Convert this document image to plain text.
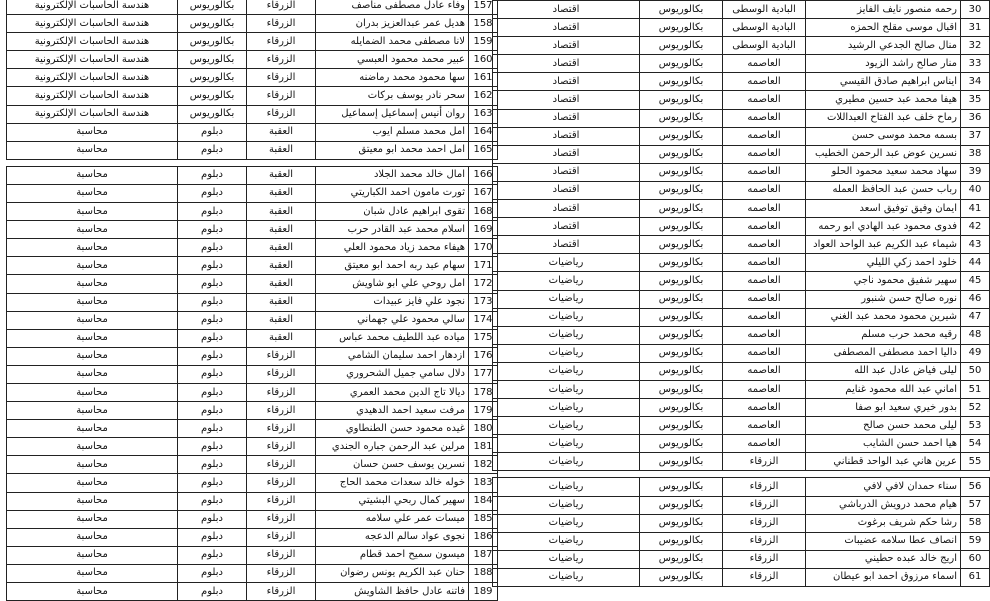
157	وفاء عادل مصطفى مناصف	الزرقاء	بكالوريوس	هندسة الحاسبات الإلكترونية
158	هديل عمر عبدالعزيز بدران	الزرقاء	بكالوريوس	هندسة الحاسبات الإلكترونية
159	لانا مصطفى محمد الضمايله	الزرقاء	بكالوريوس	هندسة الحاسبات الإلكترونية
160	عبير محمد محمود العبسي	الزرقاء	بكالوريوس	هندسة الحاسبات الإلكترونية
161	سها محمود محمد رماضنه	الزرقاء	بكالوريوس	هندسة الحاسبات الإلكترونية
162	سحر نادر يوسف بركات	الزرقاء	بكالوريوس	هندسة الحاسبات الإلكترونية
163	روان أنيس إسماعيل إسماعيل	الزرقاء	بكالوريوس	هندسة الحاسبات الإلكترونية
164	امل محمد مسلم ايوب	العقبة	دبلوم	محاسبة
165	امل احمد محمد ابو معيتق	العقبة	دبلوم	محاسبة

166	امال خالد محمد الجلاد	العقبة	دبلوم	محاسبة
167	ثورت مامون احمد الكباريتي	العقبة	دبلوم	محاسبة
168	تقوى ابراهيم عادل شبان	العقبة	دبلوم	محاسبة
169	اسلام محمد عبد القادر حرب	العقبة	دبلوم	محاسبة
170	هيفاء محمد زياد محمود العلي	العقبة	دبلوم	محاسبة
171	سهام عبد ربه احمد ابو معيتق	العقبة	دبلوم	محاسبة
172	امل روحي علي ابو شاويش	العقبة	دبلوم	محاسبة
173	نجود علي فايز عبيدات	العقبة	دبلوم	محاسبة
174	سالي محمود علي جهماني	العقبة	دبلوم	محاسبة
175	مياده عبد اللطيف محمد عباس	العقبة	دبلوم	محاسبة
176	ازدهار احمد سليمان الشامي	الزرقاء	دبلوم	محاسبة
177	دلال سامي جميل الشحروري	الزرقاء	دبلوم	محاسبة
178	ديالا تاج الدين محمد العمري	الزرقاء	دبلوم	محاسبة
179	مرفت سعيد احمد الدهيدي	الزرقاء	دبلوم	محاسبة
180	غيده محمود حسن الطنطاوي	الزرقاء	دبلوم	محاسبة
181	مرلين عبد الرحمن جباره الجندي	الزرقاء	دبلوم	محاسبة
182	نسرين يوسف حسن حسان	الزرقاء	دبلوم	محاسبة
183	خوله خالد سعدات محمد الحاج	الزرقاء	دبلوم	محاسبة
184	سهير كمال ربحي البشيتي	الزرقاء	دبلوم	محاسبة
185	ميسات عمر علي سلامه	الزرقاء	دبلوم	محاسبة
186	نجوى عواد سالم الدعجه	الزرقاء	دبلوم	محاسبة
187	ميسون سميح احمد قطام	الزرقاء	دبلوم	محاسبة
188	حنان عبد الكريم يونس رضوان	الزرقاء	دبلوم	محاسبة
189	فاتنه عادل حافظ الشاويش	الزرقاء	دبلوم	محاسبة
30	رحمه منصور نايف الفايز	البادية الوسطى	بكالوريوس	اقتصاد
31	اقبال موسى مقلح الحمزه	البادية الوسطى	بكالوريوس	اقتصاد
32	منال صالح الجدعي الرشيد	البادية الوسطى	بكالوريوس	اقتصاد
33	منار صالح راشد الزيود	العاصمه	بكالوريوس	اقتصاد
34	ايناس ابراهيم صادق القيسي	العاصمه	بكالوريوس	اقتصاد
35	هيفا محمد عبد حسين مطيري	العاصمه	بكالوريوس	اقتصاد
36	رماح خلف عبد الفتاح العبداللات	العاصمه	بكالوريوس	اقتصاد
37	بسمه محمد موسى حسن	العاصمه	بكالوريوس	اقتصاد
38	نسرين عوض عبد الرحمن الخطيب	العاصمه	بكالوريوس	اقتصاد
39	سهاد محمد سعيد محمود الحلو	العاصمه	بكالوريوس	اقتصاد
40	رباب حسن عبد الحافظ العمله	العاصمه	بكالوريوس	اقتصاد
41	ايمان وفيق توفيق اسعد	العاصمه	بكالوريوس	اقتصاد
42	فدوى محمود عبد الهادي ابو رحمه	العاصمه	بكالوريوس	اقتصاد
43	شيماء عبد الكريم عبد الواحد العواد	العاصمه	بكالوريوس	اقتصاد
44	خلود احمد زكي الليلي	العاصمه	بكالوريوس	رياضيات
45	سهير شفيق محمود ناجي	العاصمه	بكالوريوس	رياضيات
46	نوره صالح حسن شنبور	العاصمه	بكالوريوس	رياضيات
47	شيرين محمود محمد عبد الغني	العاصمه	بكالوريوس	رياضيات
48	رقيه محمد حرب مسلم	العاصمه	بكالوريوس	رياضيات
49	داليا احمد مصطفى المصطفى	العاصمه	بكالوريوس	رياضيات
50	ليلى فياض عادل عبد الله	العاصمه	بكالوريوس	رياضيات
51	اماني عبد الله محمود غنايم	العاصمه	بكالوريوس	رياضيات
52	بدور خيري سعيد ابو صفا	العاصمه	بكالوريوس	رياضيات
53	ليلى محمد حسن صالح	العاصمه	بكالوريوس	رياضيات
54	هيا احمد حسن الشايب	العاصمه	بكالوريوس	رياضيات
55	عرين هاني عبد الواحد قطناني	الزرقاء	بكالوريوس	رياضيات

56	سناء حمدان لافي لافي	الزرقاء	بكالوريوس	رياضيات
57	هيام محمد درويش الدرباشي	الزرقاء	بكالوريوس	رياضيات
58	رشا حكم شريف برغوث	الزرقاء	بكالوريوس	رياضيات
59	انصاف عطا سلامه عضيبات	الزرقاء	بكالوريوس	رياضيات
60	اريج خالد عبده حطيني	الزرقاء	بكالوريوس	رياضيات
61	اسماء مرزوق احمد ابو عيطان	الزرقاء	بكالوريوس	رياضيات
